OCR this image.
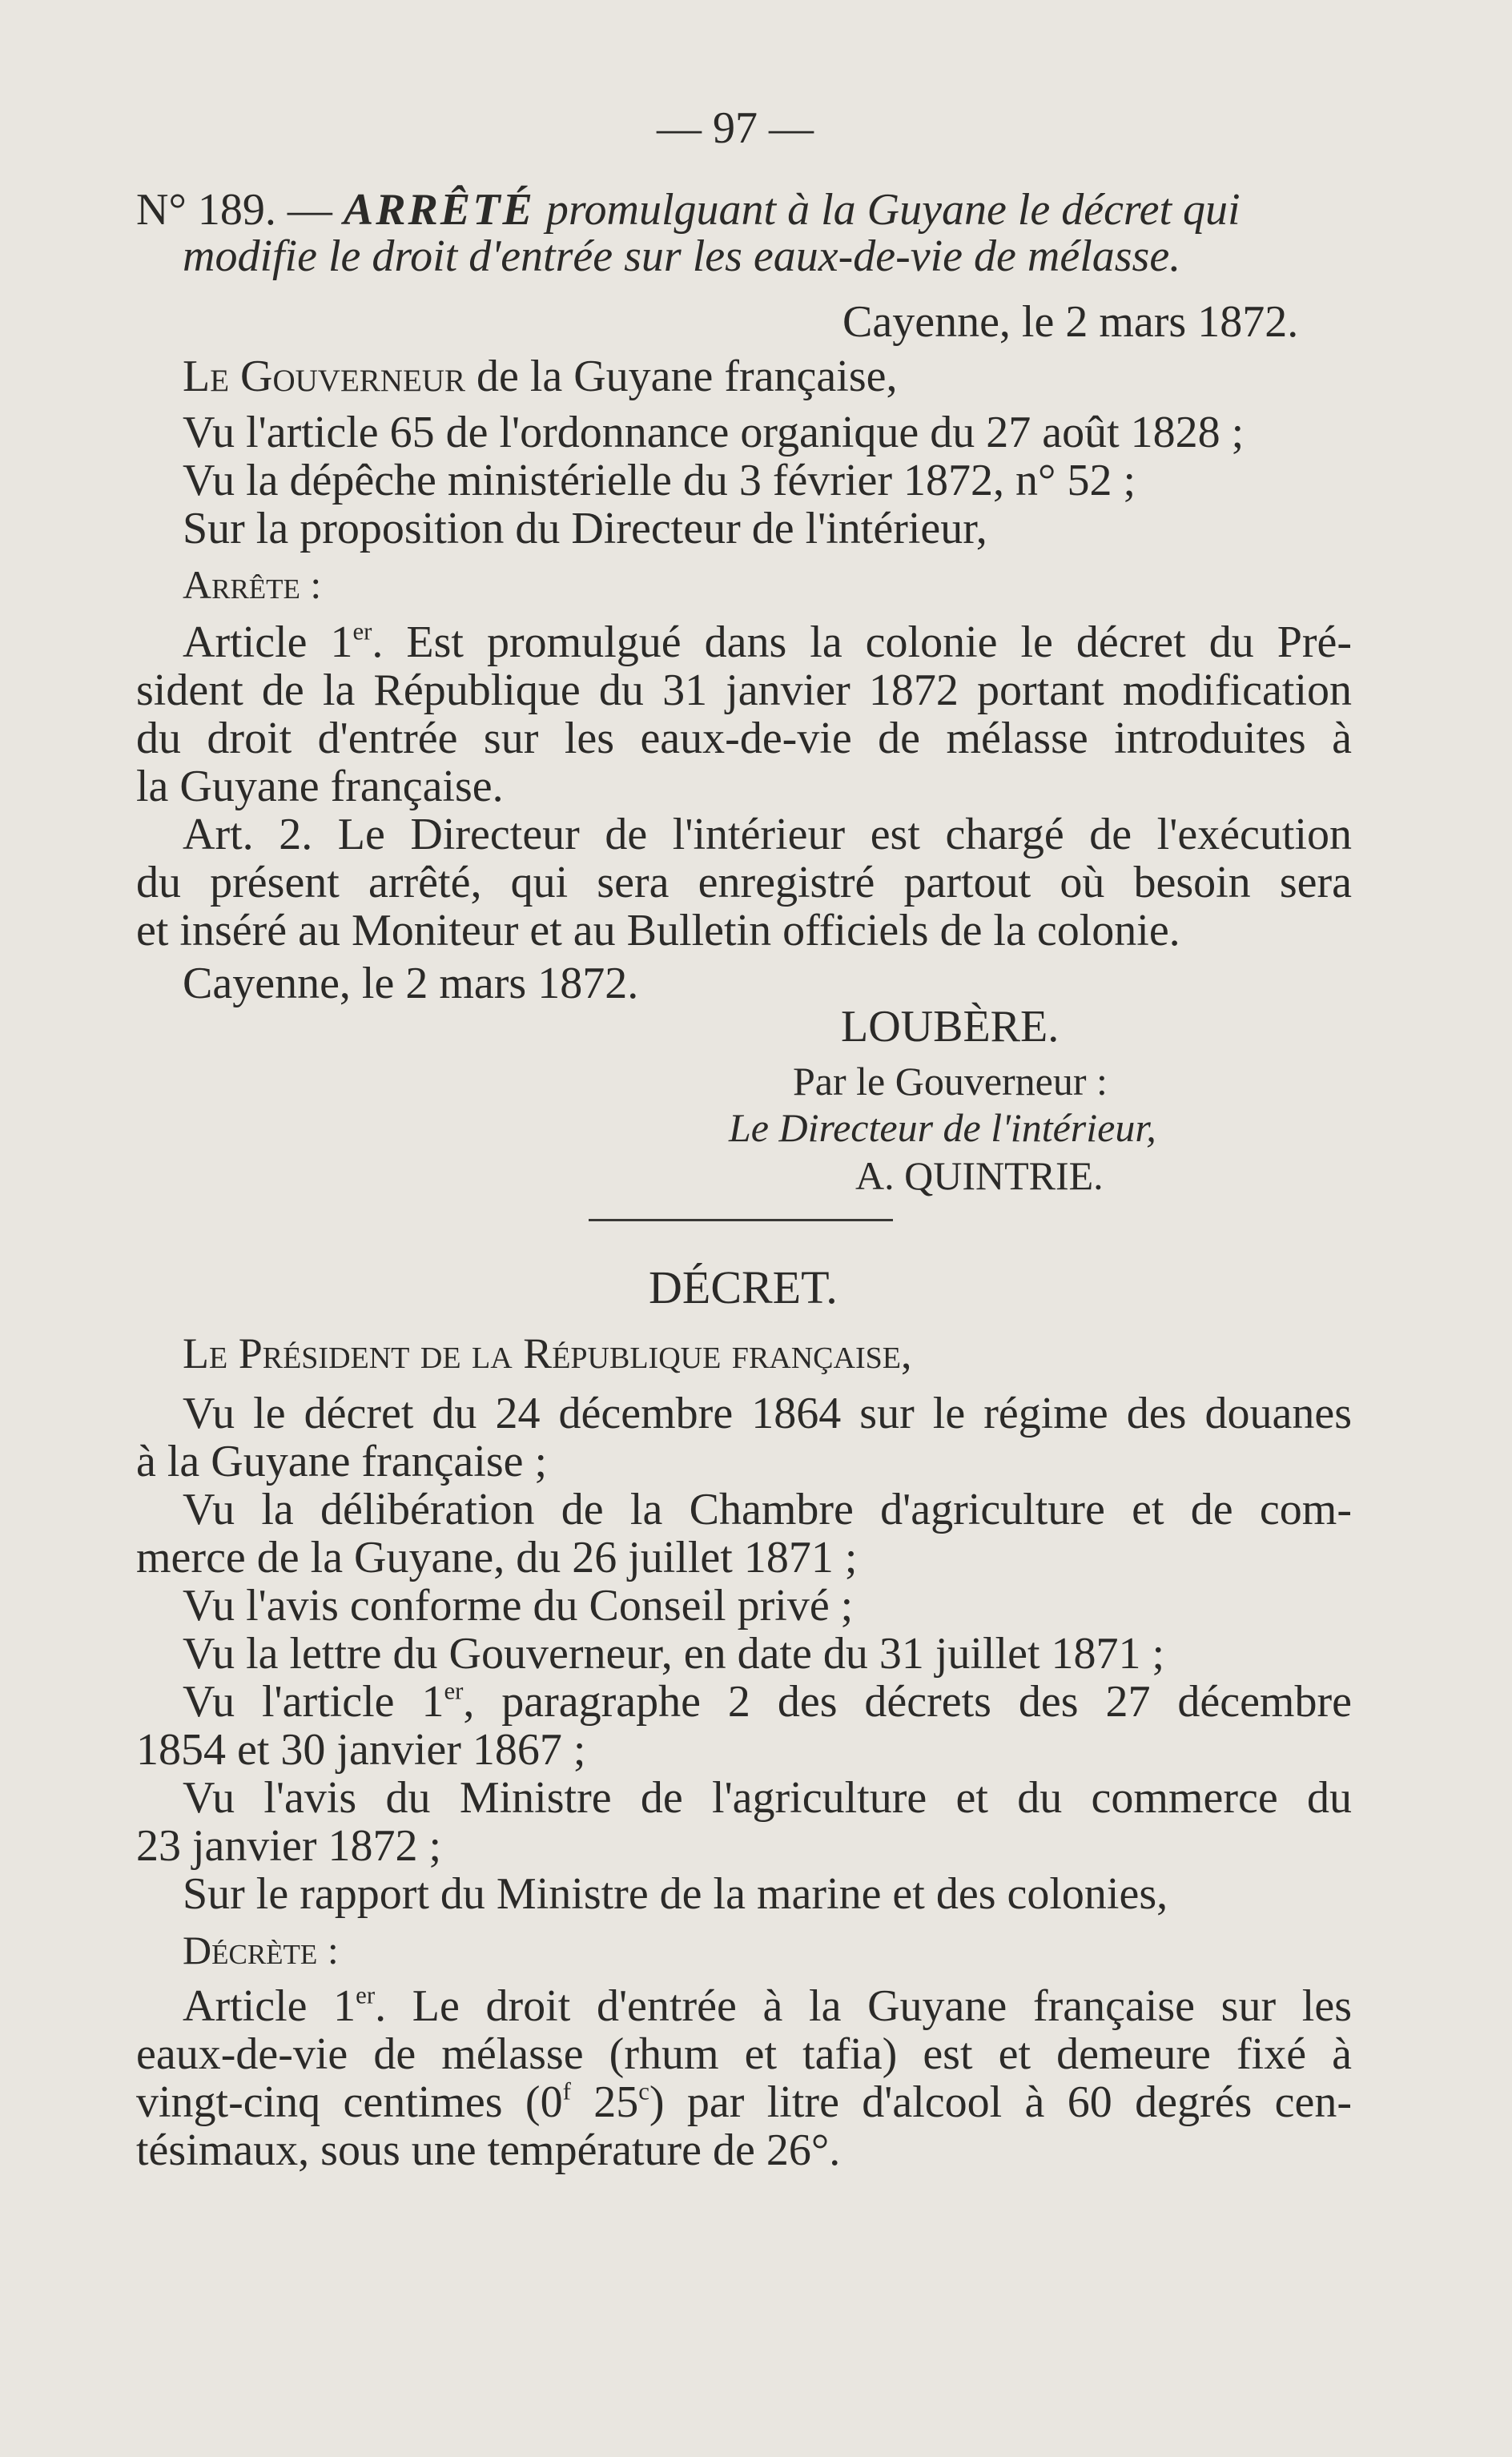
— 97 —
N° 189. — ARRÊTÉ promulguant à la Guyane le décret qui
modifie le droit d'entrée sur les eaux-de-vie de mélasse.
Cayenne, le 2 mars 1872.
Le Gouverneur de la Guyane française,
Vu l'article 65 de l'ordonnance organique du 27 août 1828 ;
Vu la dépêche ministérielle du 3 février 1872, n° 52 ;
Sur la proposition du Directeur de l'intérieur,
Arrête :
Article 1er. Est promulgué dans la colonie le décret du Pré-
sident de la République du 31 janvier 1872 portant modification
du droit d'entrée sur les eaux-de-vie de mélasse introduites à
la Guyane française.
Art. 2. Le Directeur de l'intérieur est chargé de l'exécution
du présent arrêté, qui sera enregistré partout où besoin sera
et inséré au Moniteur et au Bulletin officiels de la colonie.
Cayenne, le 2 mars 1872.
LOUBÈRE.
Par le Gouverneur :
Le Directeur de l'intérieur,
A. QUINTRIE.
DÉCRET.
Le Président de la République française,
Vu le décret du 24 décembre 1864 sur le régime des douanes
à la Guyane française ;
Vu la délibération de la Chambre d'agriculture et de com-
merce de la Guyane, du 26 juillet 1871 ;
Vu l'avis conforme du Conseil privé ;
Vu la lettre du Gouverneur, en date du 31 juillet 1871 ;
Vu l'article 1er, paragraphe 2 des décrets des 27 décembre
1854 et 30 janvier 1867 ;
Vu l'avis du Ministre de l'agriculture et du commerce du
23 janvier 1872 ;
Sur le rapport du Ministre de la marine et des colonies,
Décrète :
Article 1er. Le droit d'entrée à la Guyane française sur les
eaux-de-vie de mélasse (rhum et tafia) est et demeure fixé à
vingt-cinq centimes (0$^f$ 25$^c$) par litre d'alcool à 60 degrés cen-
tésimaux, sous une température de 26°.
